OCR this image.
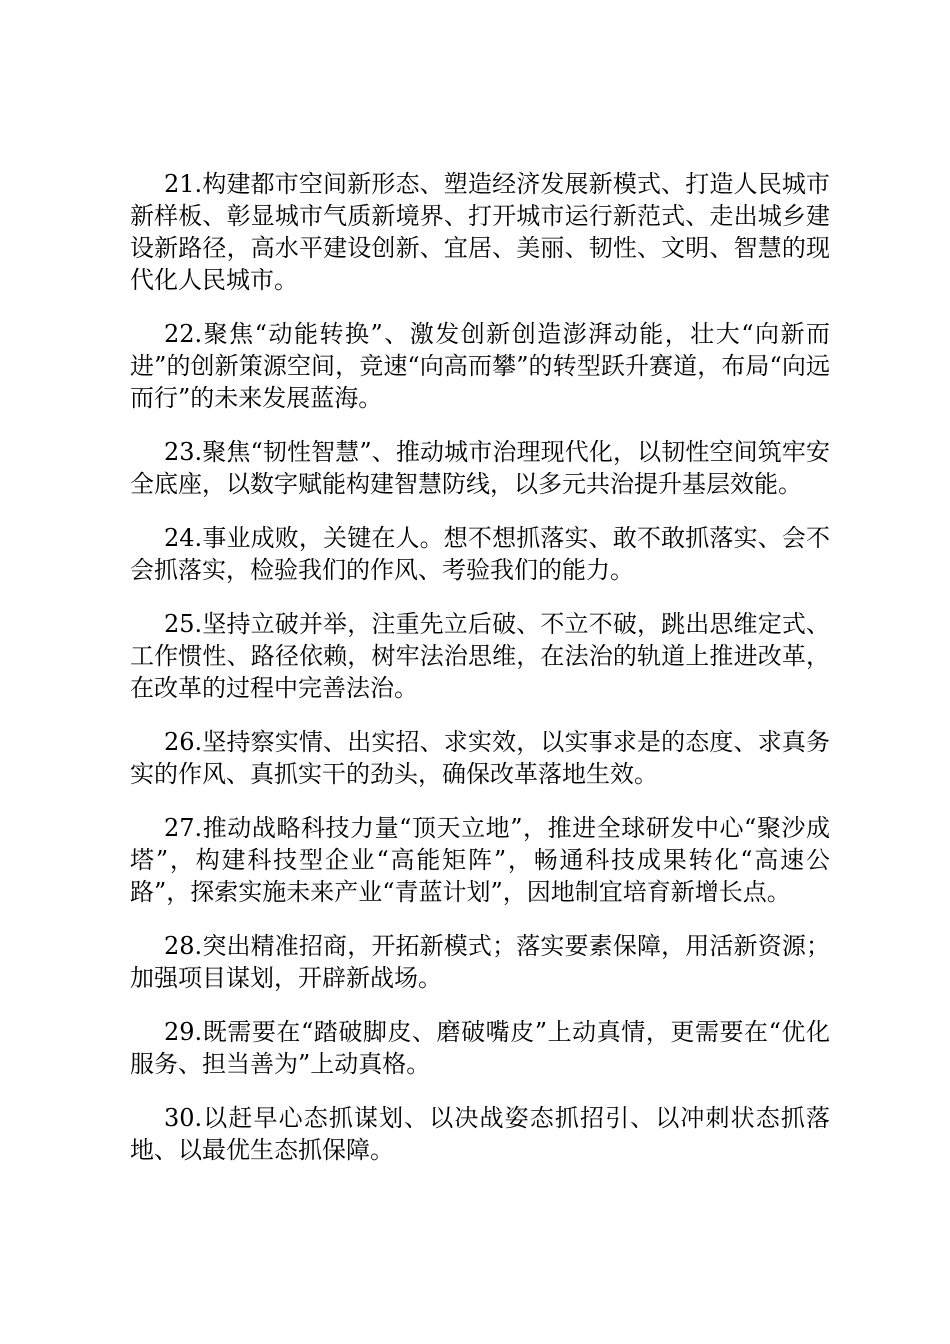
21.构建都市空间新形态、塑造经济发展新模式、打造人民城市新样板、彰显城市气质新境界、打开城市运行新范式、走出城乡建设新路径，高水平建设创新、宜居、美丽、韧性、文明、智慧的现代化人民城市。

22.聚焦“动能转换”、激发创新创造澎湃动能，壮大“向新而进”的创新策源空间，竞速“向高而攀”的转型跃升赛道，布局“向远而行”的未来发展蓝海。

23.聚焦“韧性智慧”、推动城市治理现代化，以韧性空间筑牢安全底座，以数字赋能构建智慧防线，以多元共治提升基层效能。

24.事业成败，关键在人。想不想抓落实、敢不敢抓落实、会不会抓落实，检验我们的作风、考验我们的能力。

25.坚持立破并举，注重先立后破、不立不破，跳出思维定式、工作惯性、路径依赖，树牢法治思维，在法治的轨道上推进改革，在改革的过程中完善法治。

26.坚持察实情、出实招、求实效，以实事求是的态度、求真务实的作风、真抓实干的劲头，确保改革落地生效。

27.推动战略科技力量“顶天立地”，推进全球研发中心“聚沙成塔”，构建科技型企业“高能矩阵”，畅通科技成果转化“高速公路”，探索实施未来产业“青蓝计划”，因地制宜培育新增长点。

28.突出精准招商，开拓新模式；落实要素保障，用活新资源；加强项目谋划，开辟新战场。

29.既需要在“踏破脚皮、磨破嘴皮”上动真情，更需要在“优化服务、担当善为”上动真格。

30.以赶早心态抓谋划、以决战姿态抓招引、以冲刺状态抓落地、以最优生态抓保障。
